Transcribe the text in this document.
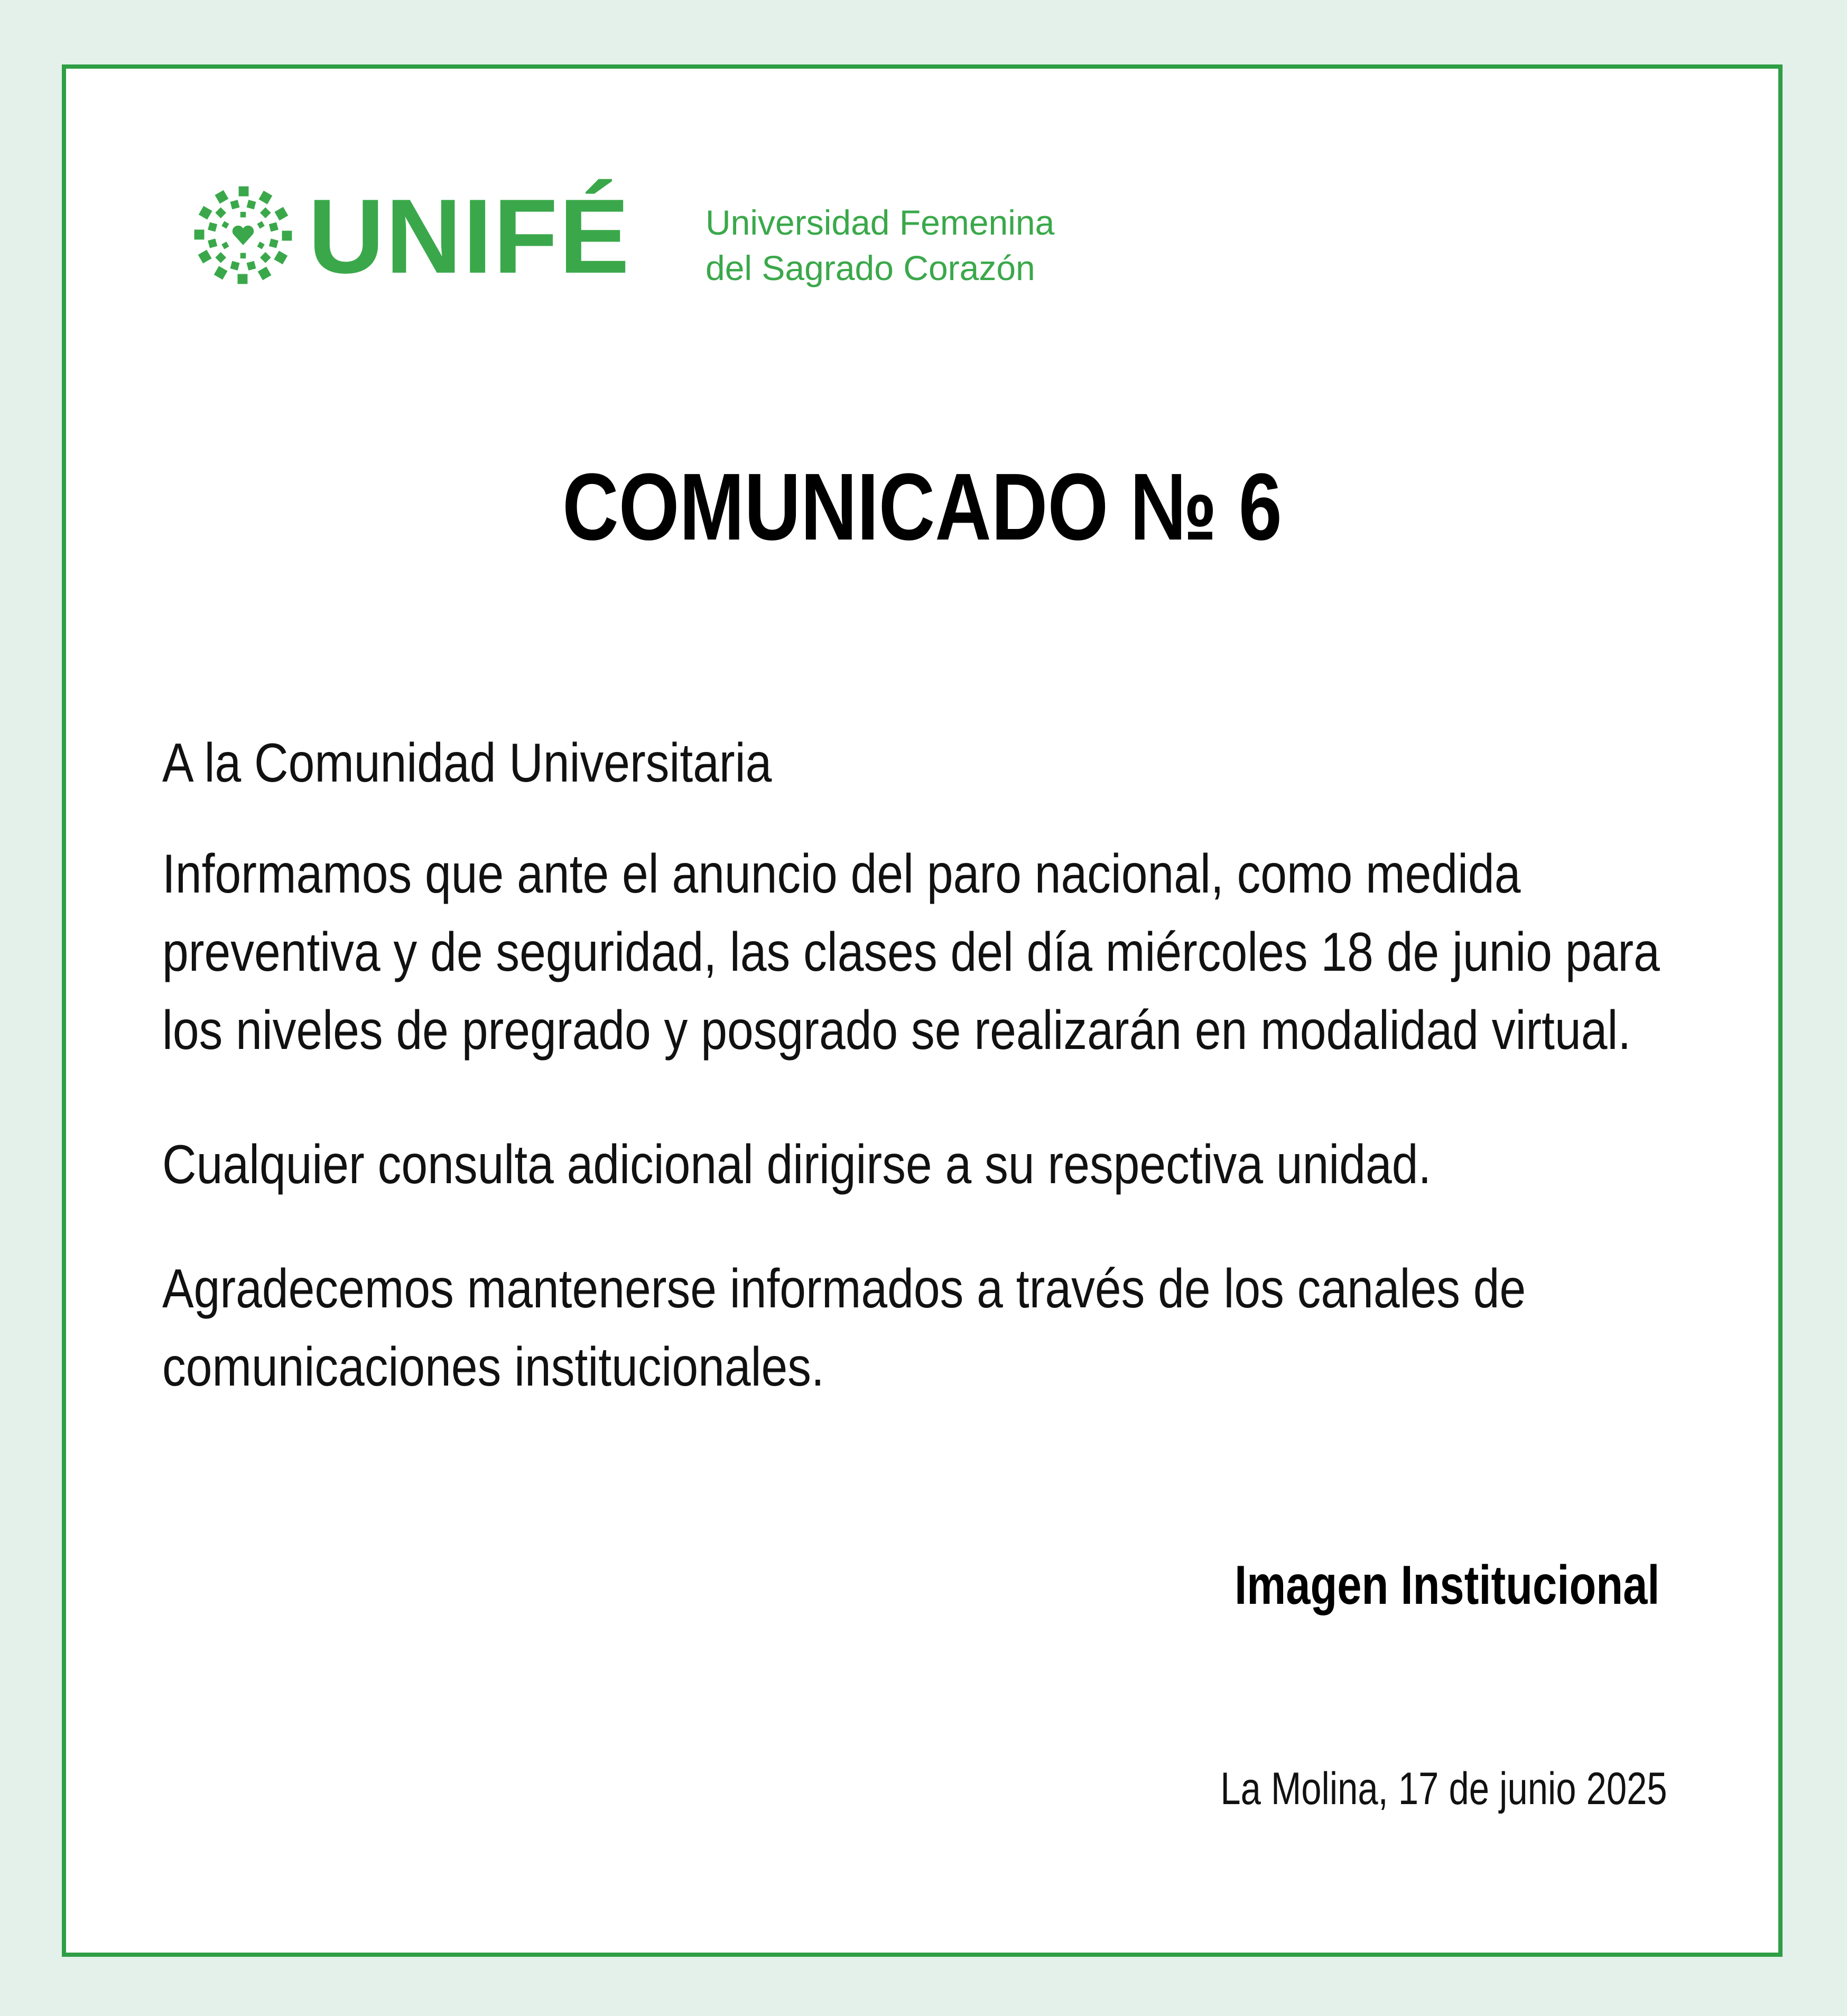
UNIFÉ Universidad Femenina
del Sagrado Corazón
COMUNICADO № 6

A la Comunidad Universitaria

Informamos que ante el anuncio del paro nacional, como medida preventiva y de seguridad, las clases del día miércoles 18 de junio para los niveles de pregrado y posgrado se realizarán en modalidad virtual.

Cualquier consulta adicional dirigirse a su respectiva unidad.

Agradecemos mantenerse informados a través de los canales de comunicaciones institucionales.

Imagen Institucional
La Molina, 17 de junio 2025
